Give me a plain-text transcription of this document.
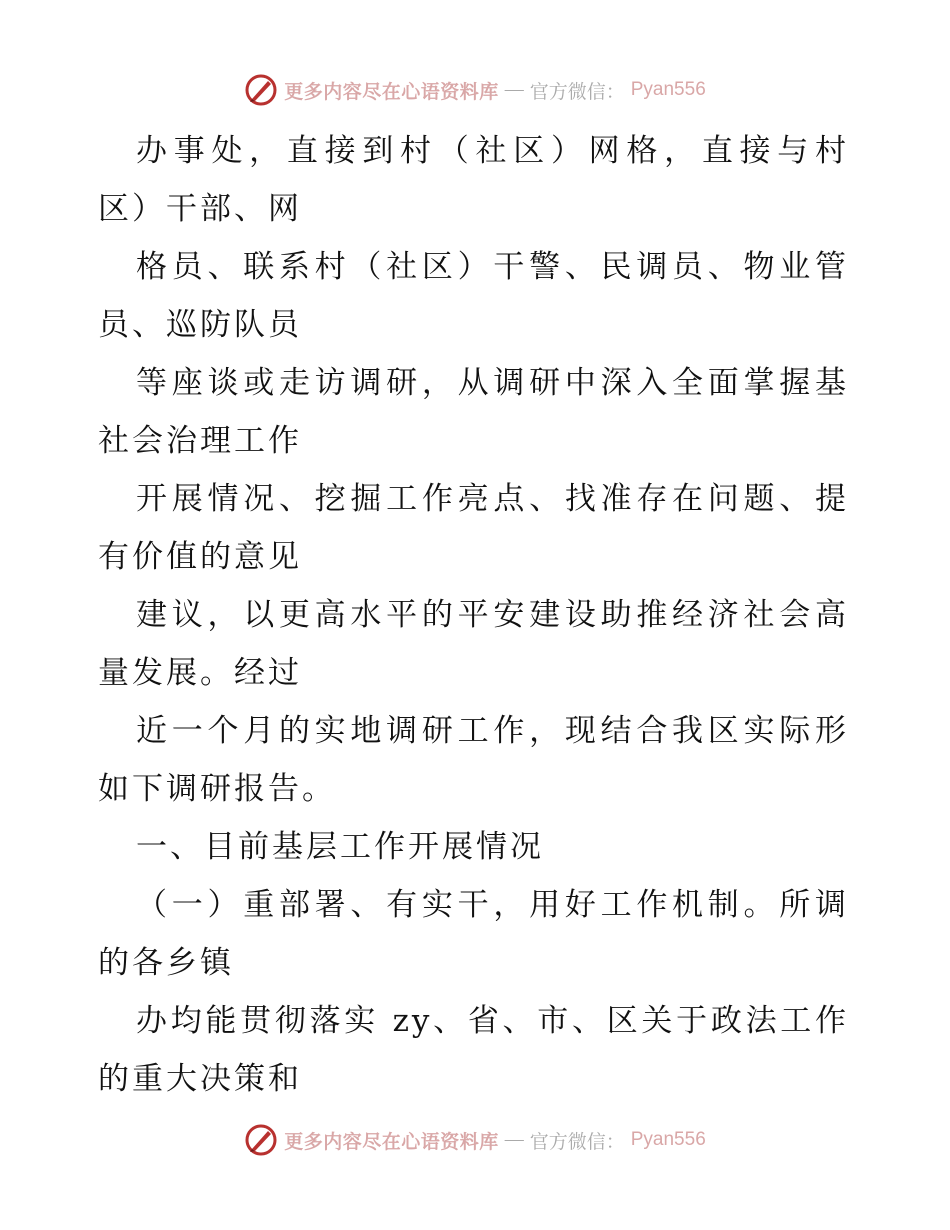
更多内容尽在心语资料库 — 官方微信： Pyan556
办事处，直接到村（社区）网格，直接与村
区）干部、网
格员、联系村（社区）干警、民调员、物业管
员、巡防队员
等座谈或走访调研，从调研中深入全面掌握基
社会治理工作
开展情况、挖掘工作亮点、找准存在问题、提
有价值的意见
建议，以更高水平的平安建设助推经济社会高
量发展。经过
近一个月的实地调研工作，现结合我区实际形
如下调研报告。
一、目前基层工作开展情况
（一）重部署、有实干，用好工作机制。所调
的各乡镇
办均能贯彻落实 zy、省、市、区关于政法工作
的重大决策和
更多内容尽在心语资料库 — 官方微信： Pyan556
